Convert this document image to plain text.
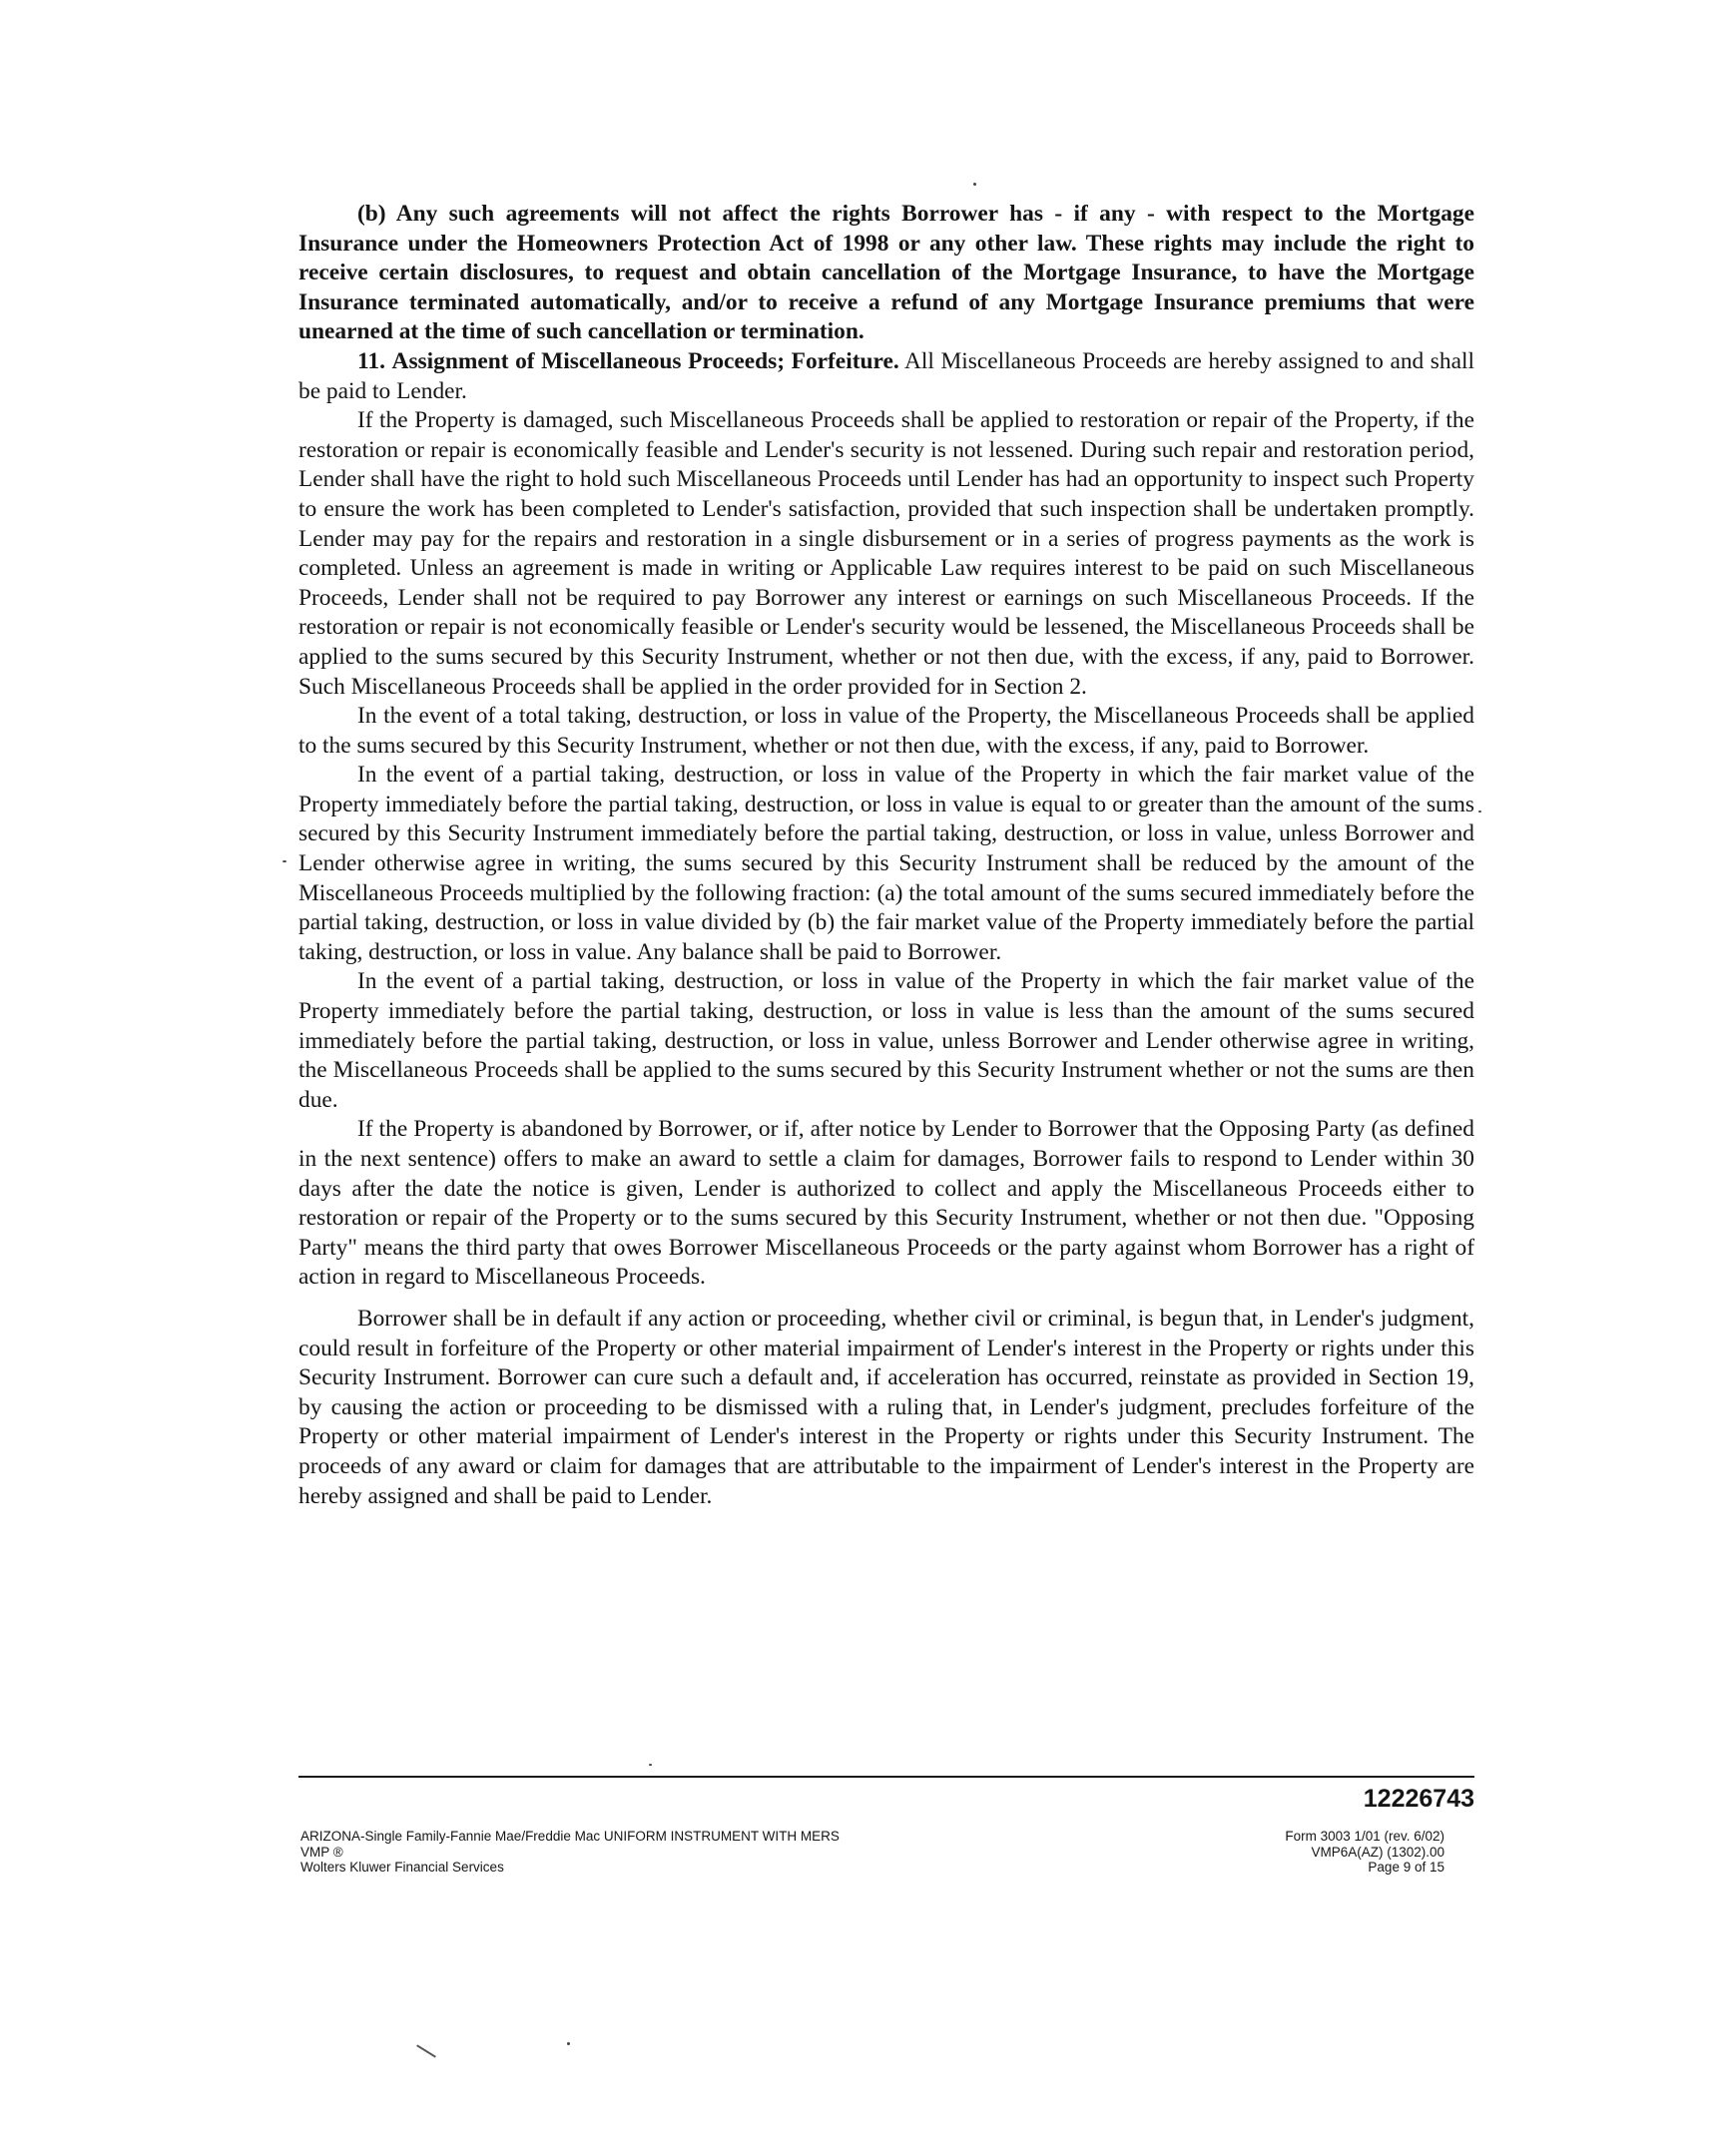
(b) Any such agreements will not affect the rights Borrower has - if any - with respect to the Mortgage Insurance under the Homeowners Protection Act of 1998 or any other law. These rights may include the right to receive certain disclosures, to request and obtain cancellation of the Mortgage Insurance, to have the Mortgage Insurance terminated automatically, and/or to receive a refund of any Mortgage Insurance premiums that were unearned at the time of such cancellation or termination.

11. Assignment of Miscellaneous Proceeds; Forfeiture. All Miscellaneous Proceeds are hereby assigned to and shall be paid to Lender.

If the Property is damaged, such Miscellaneous Proceeds shall be applied to restoration or repair of the Property, if the restoration or repair is economically feasible and Lender's security is not lessened. During such repair and restoration period, Lender shall have the right to hold such Miscellaneous Proceeds until Lender has had an opportunity to inspect such Property to ensure the work has been completed to Lender's satisfaction, provided that such inspection shall be undertaken promptly. Lender may pay for the repairs and restoration in a single disbursement or in a series of progress payments as the work is completed. Unless an agreement is made in writing or Applicable Law requires interest to be paid on such Miscellaneous Proceeds, Lender shall not be required to pay Borrower any interest or earnings on such Miscellaneous Proceeds. If the restoration or repair is not economically feasible or Lender's security would be lessened, the Miscellaneous Proceeds shall be applied to the sums secured by this Security Instrument, whether or not then due, with the excess, if any, paid to Borrower. Such Miscellaneous Proceeds shall be applied in the order provided for in Section 2.

In the event of a total taking, destruction, or loss in value of the Property, the Miscellaneous Proceeds shall be applied to the sums secured by this Security Instrument, whether or not then due, with the excess, if any, paid to Borrower.

In the event of a partial taking, destruction, or loss in value of the Property in which the fair market value of the Property immediately before the partial taking, destruction, or loss in value is equal to or greater than the amount of the sums secured by this Security Instrument immediately before the partial taking, destruction, or loss in value, unless Borrower and Lender otherwise agree in writing, the sums secured by this Security Instrument shall be reduced by the amount of the Miscellaneous Proceeds multiplied by the following fraction: (a) the total amount of the sums secured immediately before the partial taking, destruction, or loss in value divided by (b) the fair market value of the Property immediately before the partial taking, destruction, or loss in value. Any balance shall be paid to Borrower.

In the event of a partial taking, destruction, or loss in value of the Property in which the fair market value of the Property immediately before the partial taking, destruction, or loss in value is less than the amount of the sums secured immediately before the partial taking, destruction, or loss in value, unless Borrower and Lender otherwise agree in writing, the Miscellaneous Proceeds shall be applied to the sums secured by this Security Instrument whether or not the sums are then due.

If the Property is abandoned by Borrower, or if, after notice by Lender to Borrower that the Opposing Party (as defined in the next sentence) offers to make an award to settle a claim for damages, Borrower fails to respond to Lender within 30 days after the date the notice is given, Lender is authorized to collect and apply the Miscellaneous Proceeds either to restoration or repair of the Property or to the sums secured by this Security Instrument, whether or not then due. "Opposing Party" means the third party that owes Borrower Miscellaneous Proceeds or the party against whom Borrower has a right of action in regard to Miscellaneous Proceeds.

Borrower shall be in default if any action or proceeding, whether civil or criminal, is begun that, in Lender's judgment, could result in forfeiture of the Property or other material impairment of Lender's interest in the Property or rights under this Security Instrument. Borrower can cure such a default and, if acceleration has occurred, reinstate as provided in Section 19, by causing the action or proceeding to be dismissed with a ruling that, in Lender's judgment, precludes forfeiture of the Property or other material impairment of Lender's interest in the Property or rights under this Security Instrument. The proceeds of any award or claim for damages that are attributable to the impairment of Lender's interest in the Property are hereby assigned and shall be paid to Lender.

12226743
ARIZONA-Single Family-Fannie Mae/Freddie Mac UNIFORM INSTRUMENT WITH MERS
VMP ®
Wolters Kluwer Financial Services
Form 3003 1/01 (rev. 6/02)
VMP6A(AZ) (1302).00
Page 9 of 15
